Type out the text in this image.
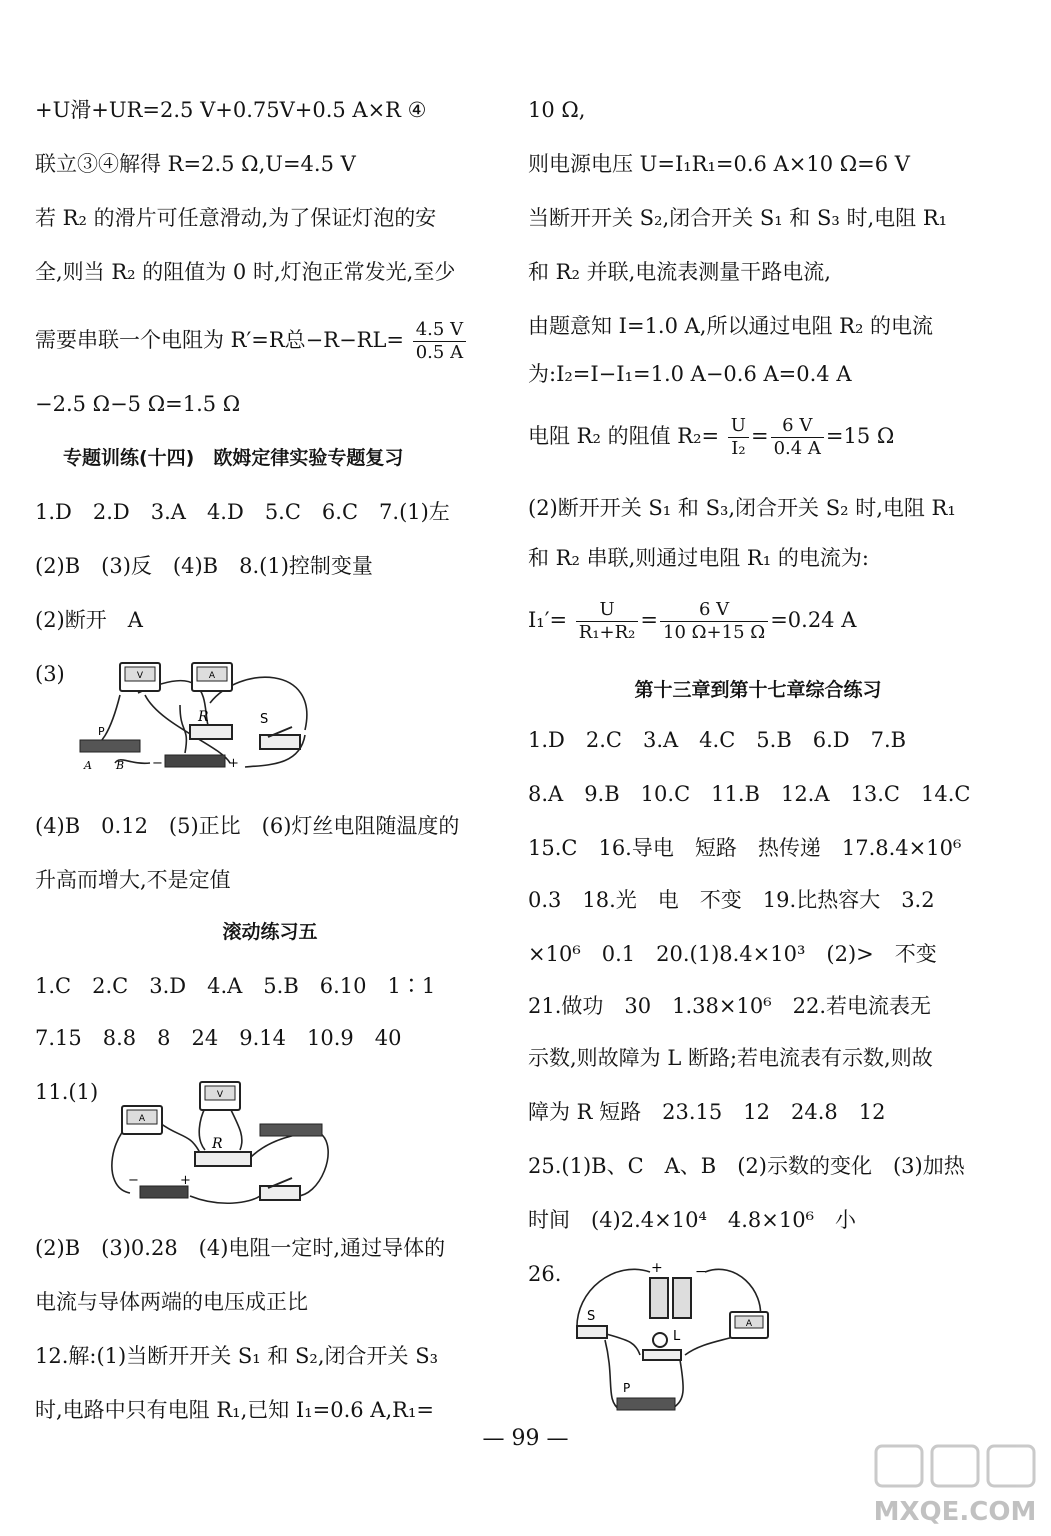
+U滑+UR=2.5 V+0.75V+0.5 A×R ④
联立③④解得 R=2.5 Ω,U=4.5 V
若 R₂ 的滑片可任意滑动,为了保证灯泡的安
全,则当 R₂ 的阻值为 0 时,灯泡正常发光,至少
需要串联一个电阻为 R′=R总$-R-RL= \frac{4.5 V}{0.5 A}$
−2.5 Ω−5 Ω=1.5 Ω
专题训练(十四)　欧姆定律实验专题复习
1.D　2.D　3.A　4.D　5.C　6.C　7.(1)左
(2)B　(3)反　(4)B　8.(1)控制变量
(2)断开　A
(3)
(4)B　0.12　(5)正比　(6)灯丝电阻随温度的
升高而增大,不是定值
滚动练习五
1.C　2.C　3.D　4.A　5.B　6.10　1∶1
7.15　8.8　8　24　9.14　10.9　40
11.(1)
(2)B　(3)0.28　(4)电阻一定时,通过导体的
电流与导体两端的电压成正比
12.解:(1)当断开开关 S₁ 和 S₂,闭合开关 S₃
时,电路中只有电阻 R₁,已知 I₁=0.6 A,R₁=
10 Ω,
则电源电压 U=I₁R₁=0.6 A×10 Ω=6 V
当断开开关 S₂,闭合开关 S₁ 和 S₃ 时,电阻 R₁
和 R₂ 并联,电流表测量干路电流,
由题意知 I=1.0 A,所以通过电阻 R₂ 的电流
为:I₂=I−I₁=1.0 A−0.6 A=0.4 A
电阻 R₂ 的阻值 $R_2= \frac{U}{\text{I₂}} = \frac{6 V}{0.4 A} =15$ Ω
(2)断开开关 S₁ 和 S₃,闭合开关 S₂ 时,电阻 R₁
和 R₂ 串联,则通过电阻 R₁ 的电流为:
$I_1'= \frac{U}{\text{R₁+R₂}} = \frac{6 V}{10 \Omega+15 \Omega} =0.24$ A
第十三章到第十七章综合练习
1.D　2.C　3.A　4.C　5.B　6.D　7.B
8.A　9.B　10.C　11.B　12.A　13.C　14.C
15.C　16.导电　短路　热传递　17.8.4×10⁶
0.3　18.光　电　不变　19.比热容大　3.2
×10⁶　0.1　20.(1)8.4×10³　(2)>　不变
21.做功　30　1.38×10⁶　22.若电流表无
示数,则故障为 L 断路;若电流表有示数,则故
障为 R 短路　23.15　12　24.8　12
25.(1)B、C　A、B　(2)示数的变化　(3)加热
时间　(4)2.4×10⁴　4.8×10⁶　小
26.
V	A
R	S
P
A B −	+
A
V
R
−	+
+ −
S
L
A
P
— 99 —
MXQE.COM
